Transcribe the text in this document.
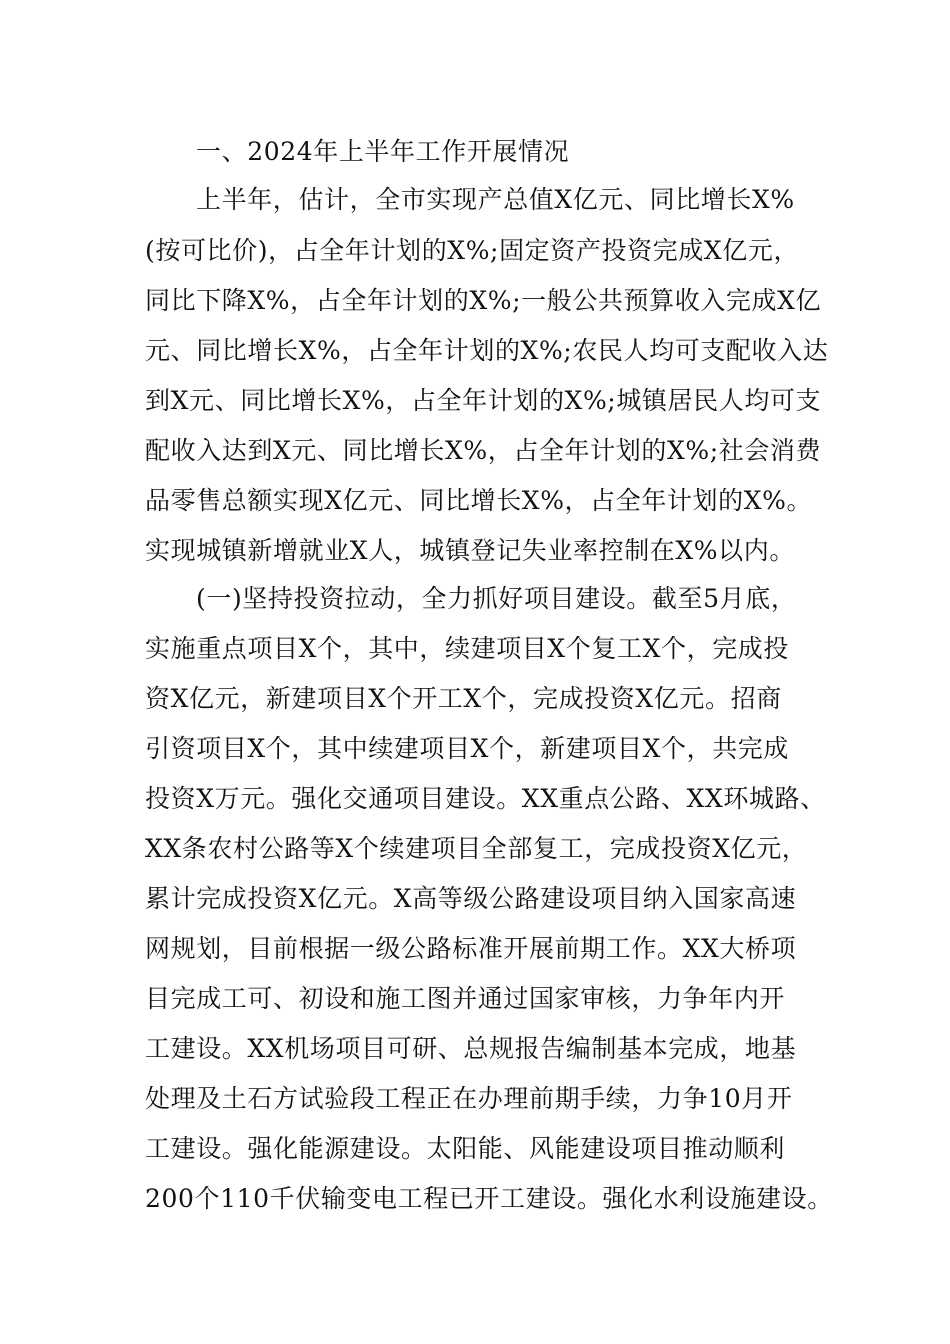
一、2024年上半年工作开展情况
上半年，估计，全市实现产总值X亿元、同比增长X%
(按可比价)，占全年计划的X%;固定资产投资完成X亿元，
同比下降X%，占全年计划的X%;一般公共预算收入完成X亿
元、同比增长X%，占全年计划的X%;农民人均可支配收入达
到X元、同比增长X%，占全年计划的X%;城镇居民人均可支
配收入达到X元、同比增长X%，占全年计划的X%;社会消费
品零售总额实现X亿元、同比增长X%，占全年计划的X%。
实现城镇新增就业X人，城镇登记失业率控制在X%以内。
(一)坚持投资拉动，全力抓好项目建设。截至5月底，
实施重点项目X个，其中，续建项目X个复工X个，完成投
资X亿元，新建项目X个开工X个，完成投资X亿元。招商
引资项目X个，其中续建项目X个，新建项目X个，共完成
投资X万元。强化交通项目建设。XX重点公路、XX环城路、
XX条农村公路等X个续建项目全部复工，完成投资X亿元，
累计完成投资X亿元。X高等级公路建设项目纳入国家高速
网规划，目前根据一级公路标准开展前期工作。XX大桥项
目完成工可、初设和施工图并通过国家审核，力争年内开
工建设。XX机场项目可研、总规报告编制基本完成，地基
处理及土石方试验段工程正在办理前期手续，力争10月开
工建设。强化能源建设。太阳能、风能建设项目推动顺利
200个110千伏输变电工程已开工建设。强化水利设施建设。
